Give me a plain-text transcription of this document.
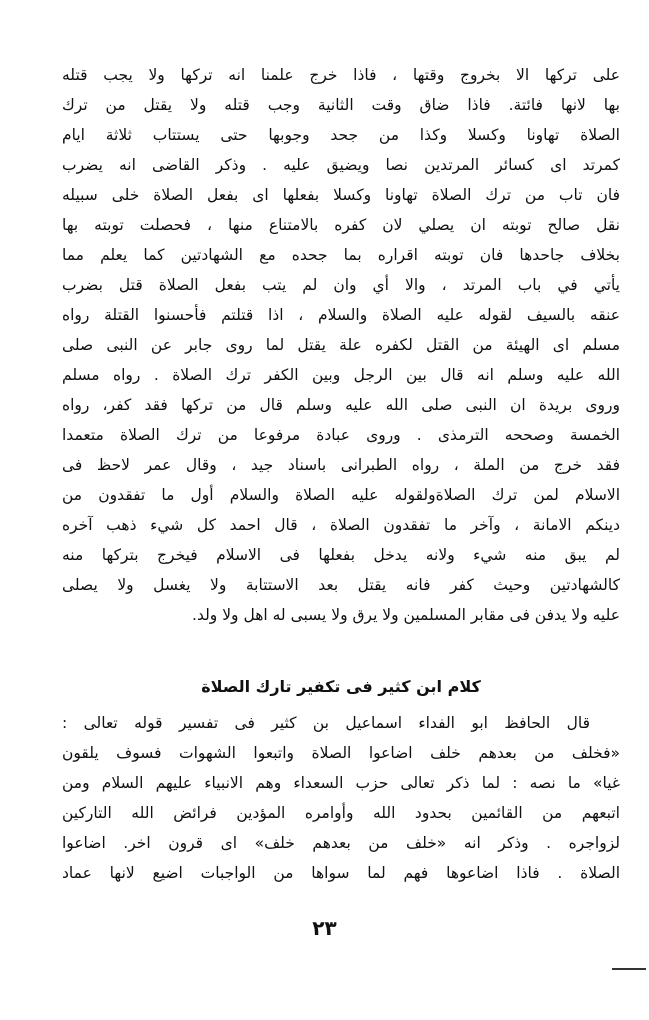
على تركها الا بخروج وقتها ، فاذا خرج علمنا انه تركها ولا يجب قتله
بها لانها فائتة. فاذا ضاق وقت الثانية وجب قتله ولا يقتل من ترك
الصلاة تهاونا وكسلا وكذا من جحد وجوبها حتى يستتاب ثلاثة ايام
كمرتد اى كسائر المرتدين نصا ويضيق عليه . وذكر القاضى انه يضرب
فان تاب من ترك الصلاة تهاونا وكسلا بفعلها اى بفعل الصلاة خلى سبيله
نقل صالح توبته ان يصلي لان كفره بالامتناع منها ، فحصلت توبته بها
بخلاف جاحدها فان توبته اقراره بما جحده مع الشهادتين كما يعلم مما
يأتي في باب المرتد ، والا أي وان لم يتب بفعل الصلاة قتل بضرب
عنقه بالسيف لقوله عليه الصلاة والسلام ، اذا قتلتم فأحسنوا القتلة رواه
مسلم اى الهيئة من القتل لكفره علة يقتل لما روى جابر عن النبى صلى
الله عليه وسلم انه قال بين الرجل وبين الكفر ترك الصلاة . رواه مسلم
وروى بريدة ان النبى صلى الله عليه وسلم قال من تركها فقد كفر، رواه
الخمسة وصححه الترمذى . وروى عبادة مرفوعا من ترك الصلاة متعمدا
فقد خرج من الملة ، رواه الطبرانى باسناد جيد ، وقال عمر لاحظ فى
الاسلام لمن ترك الصلاةولقوله عليه الصلاة والسلام أول ما تفقدون من
دينكم الامانة ، وآخر ما تفقدون الصلاة ، قال احمد كل شيء ذهب آخره
لم يبق منه شيء ولانه يدخل بفعلها فى الاسلام فيخرج بتركها منه
كالشهادتين وحيث كفر فانه يقتل بعد الاستتابة ولا يغسل ولا يصلى
عليه ولا يدفن فى مقابر المسلمين ولا يرق ولا يسبى له اهل ولا ولد.
كلام ابن كثير فى تكفير تارك الصلاة
قال الحافظ ابو الفداء اسماعيل بن كثير فى تفسير قوله تعالى :
«فخلف من بعدهم خلف اضاعوا الصلاة واتبعوا الشهوات فسوف يلقون
غيا» ما نصه : لما ذكر تعالى حزب السعداء وهم الانبياء عليهم السلام ومن
اتبعهم من القائمين بحدود الله وأوامره المؤدين فرائض الله التاركين
لزواجره . وذكر انه «خلف من بعدهم خلف» اى قرون اخر. اضاعوا
الصلاة . فاذا اضاعوها فهم لما سواها من الواجبات اضيع لانها عماد
٢٣
